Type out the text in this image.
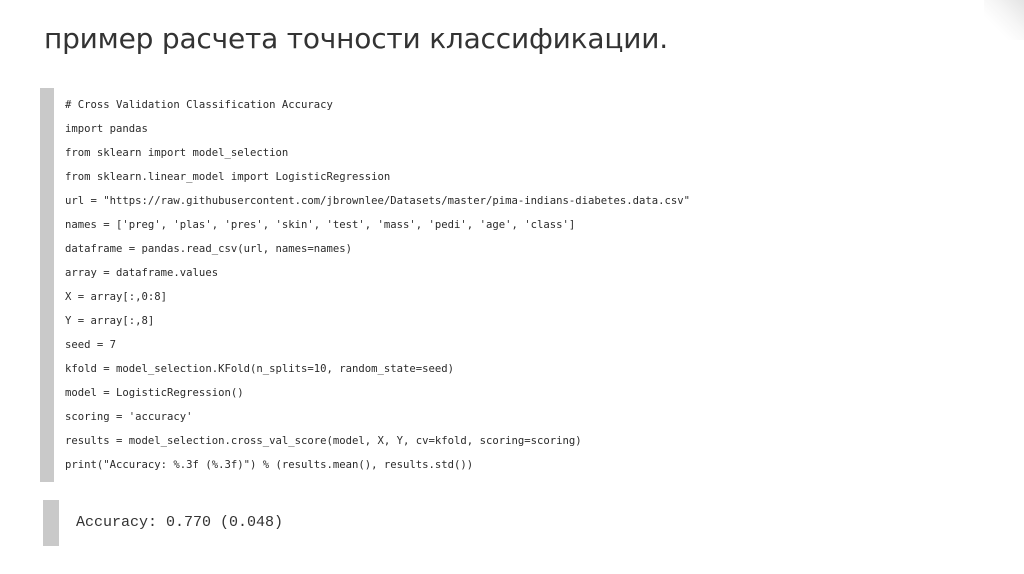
пример расчета точности классификации.
# Cross Validation Classification Accuracy
import pandas
from sklearn import model_selection
from sklearn.linear_model import LogisticRegression
url = "https://raw.githubusercontent.com/jbrownlee/Datasets/master/pima-indians-diabetes.data.csv"
names = ['preg', 'plas', 'pres', 'skin', 'test', 'mass', 'pedi', 'age', 'class']
dataframe = pandas.read_csv(url, names=names)
array = dataframe.values
X = array[:,0:8]
Y = array[:,8]
seed = 7
kfold = model_selection.KFold(n_splits=10, random_state=seed)
model = LogisticRegression()
scoring = 'accuracy'
results = model_selection.cross_val_score(model, X, Y, cv=kfold, scoring=scoring)
print("Accuracy: %.3f (%.3f)") % (results.mean(), results.std())
Accuracy: 0.770 (0.048)
